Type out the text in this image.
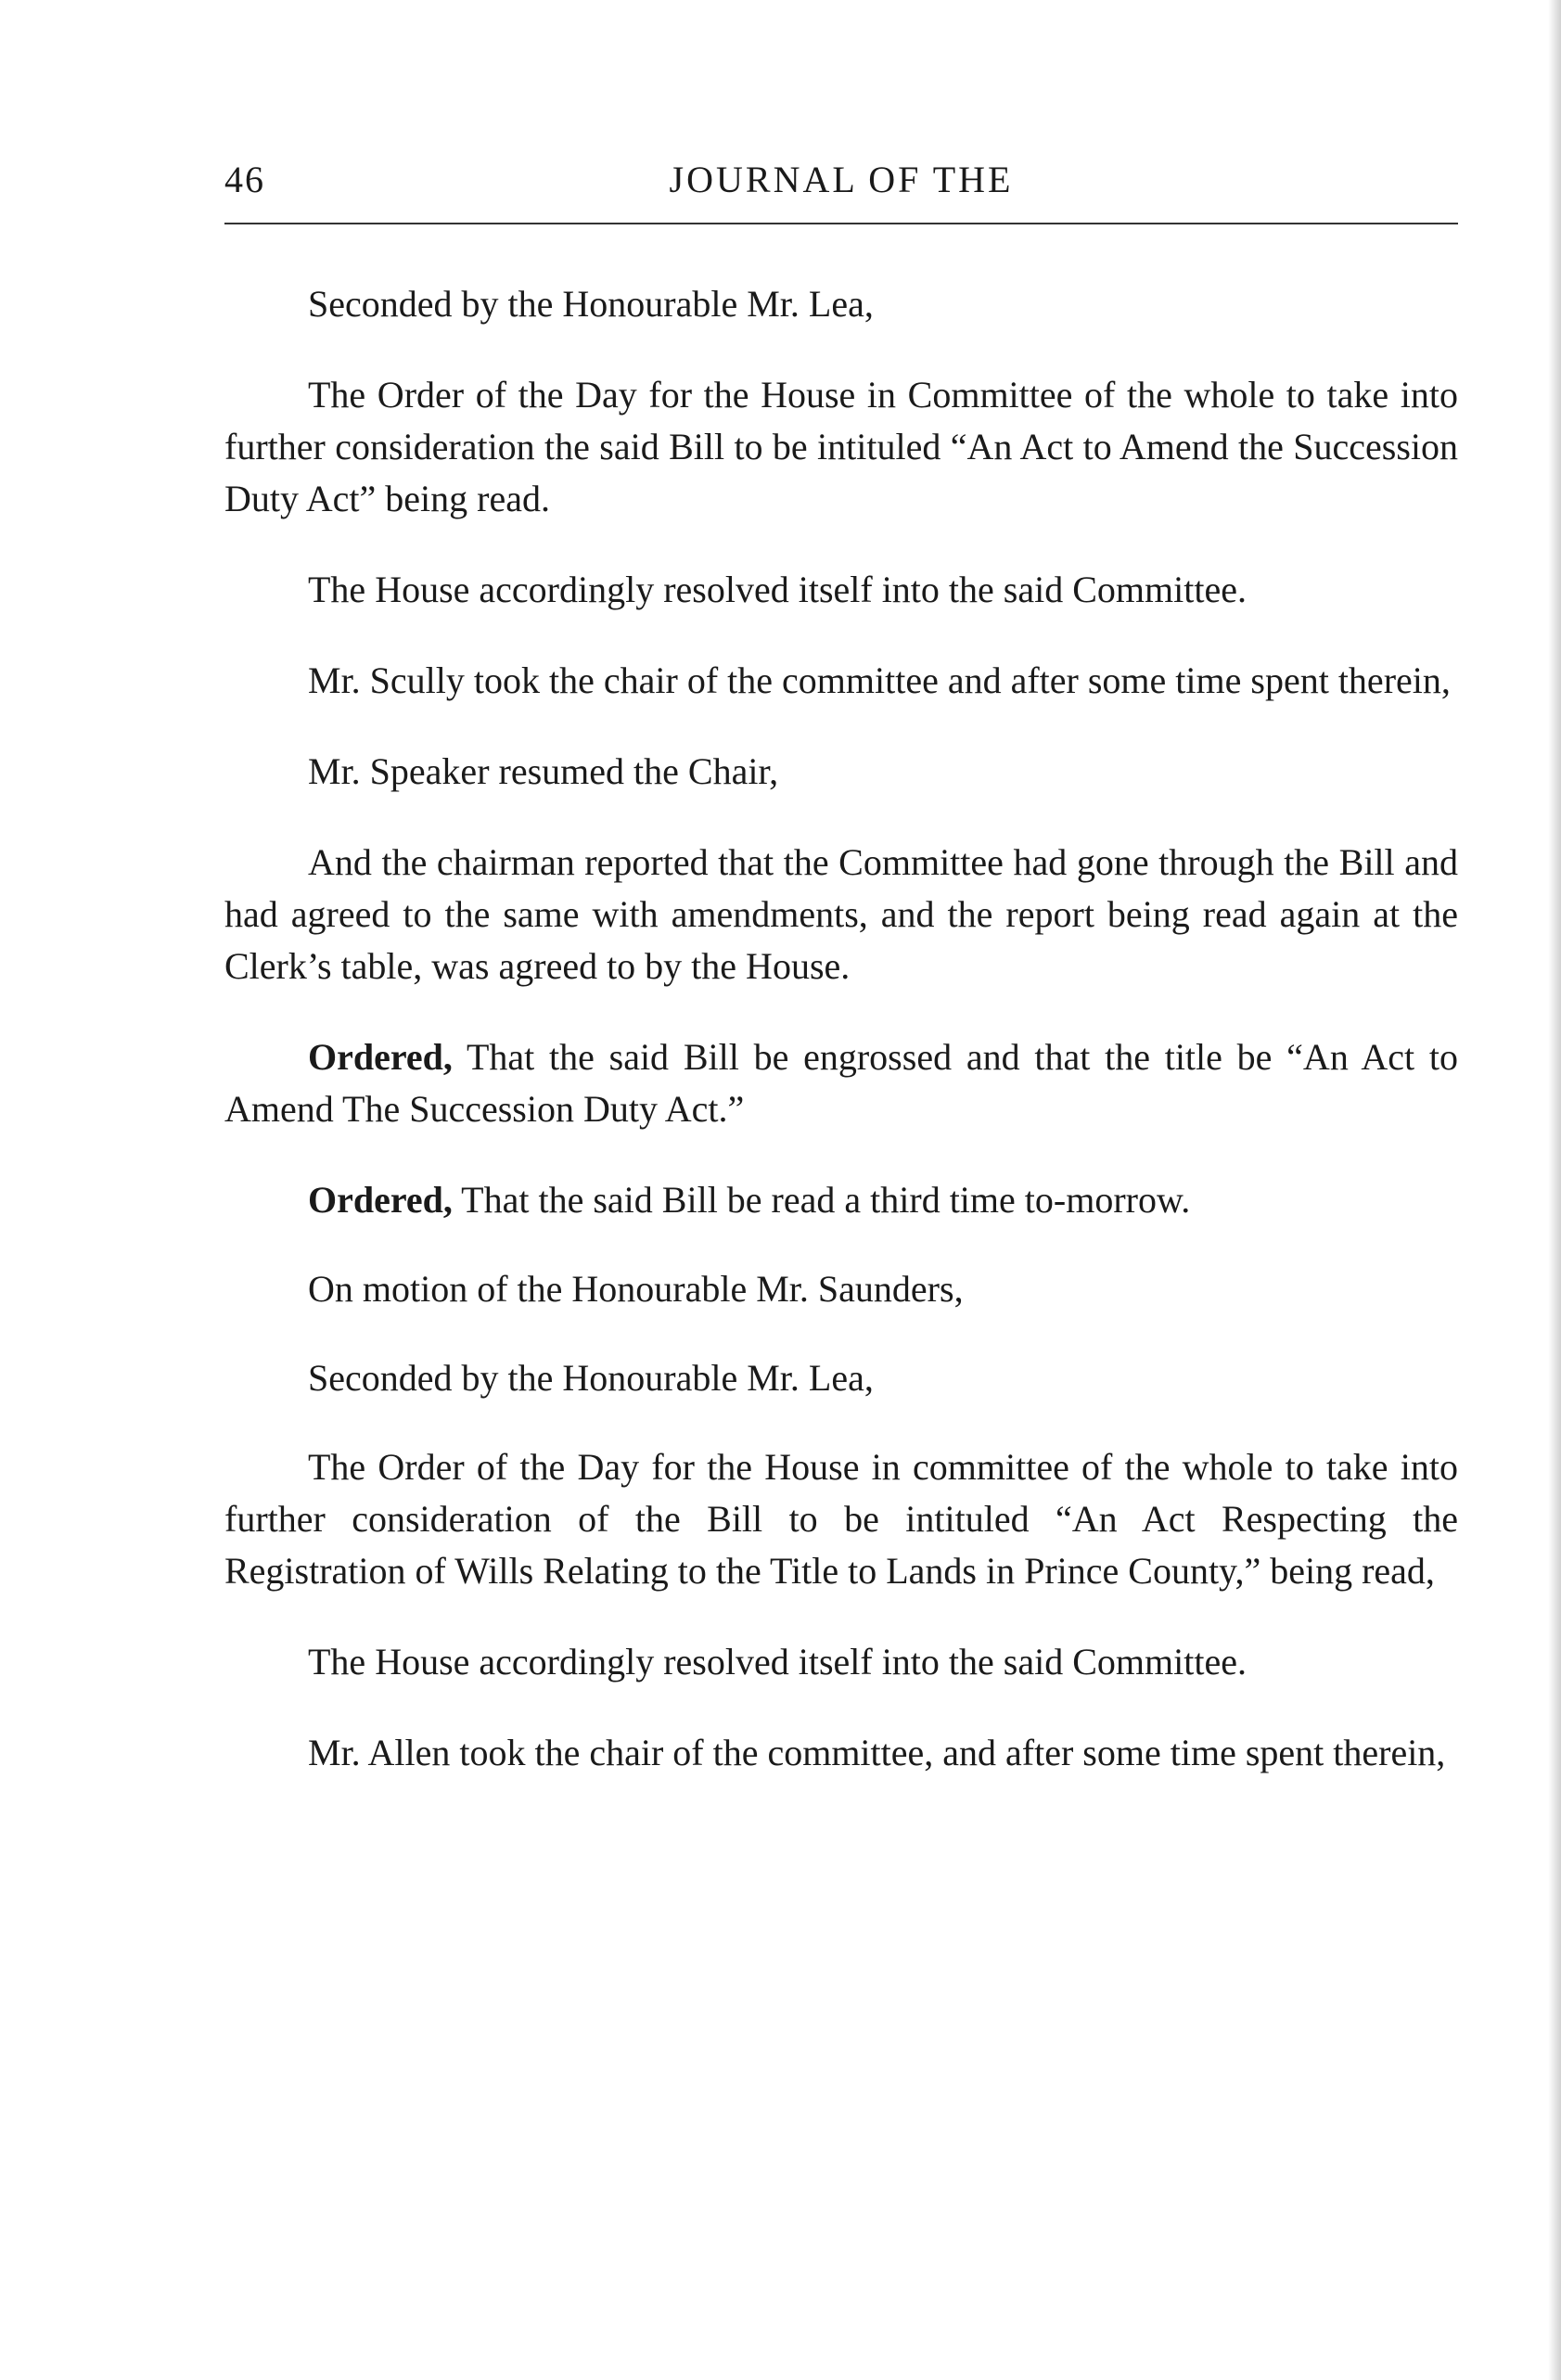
46	JOURNAL OF THE

Seconded by the Honourable Mr. Lea,

The Order of the Day for the House in Committee of the whole to take into further consideration the said Bill to be intituled “An Act to Amend the Succession Duty Act” being read.

The House accordingly resolved itself into the said Committee.

Mr. Scully took the chair of the committee and after some time spent therein,

Mr. Speaker resumed the Chair,

And the chairman reported that the Committee had gone through the Bill and had agreed to the same with amendments, and the report being read again at the Clerk’s table, was agreed to by the House.

Ordered, That the said Bill be engrossed and that the title be “An Act to Amend The Succession Duty Act.”

Ordered, That the said Bill be read a third time to-morrow.

On motion of the Honourable Mr. Saunders,

Seconded by the Honourable Mr. Lea,

The Order of the Day for the House in committee of the whole to take into further consideration of the Bill to be intituled “An Act Respecting the Registration of Wills Relating to the Title to Lands in Prince County,” being read,

The House accordingly resolved itself into the said Committee.

Mr. Allen took the chair of the committee, and after some time spent therein,
